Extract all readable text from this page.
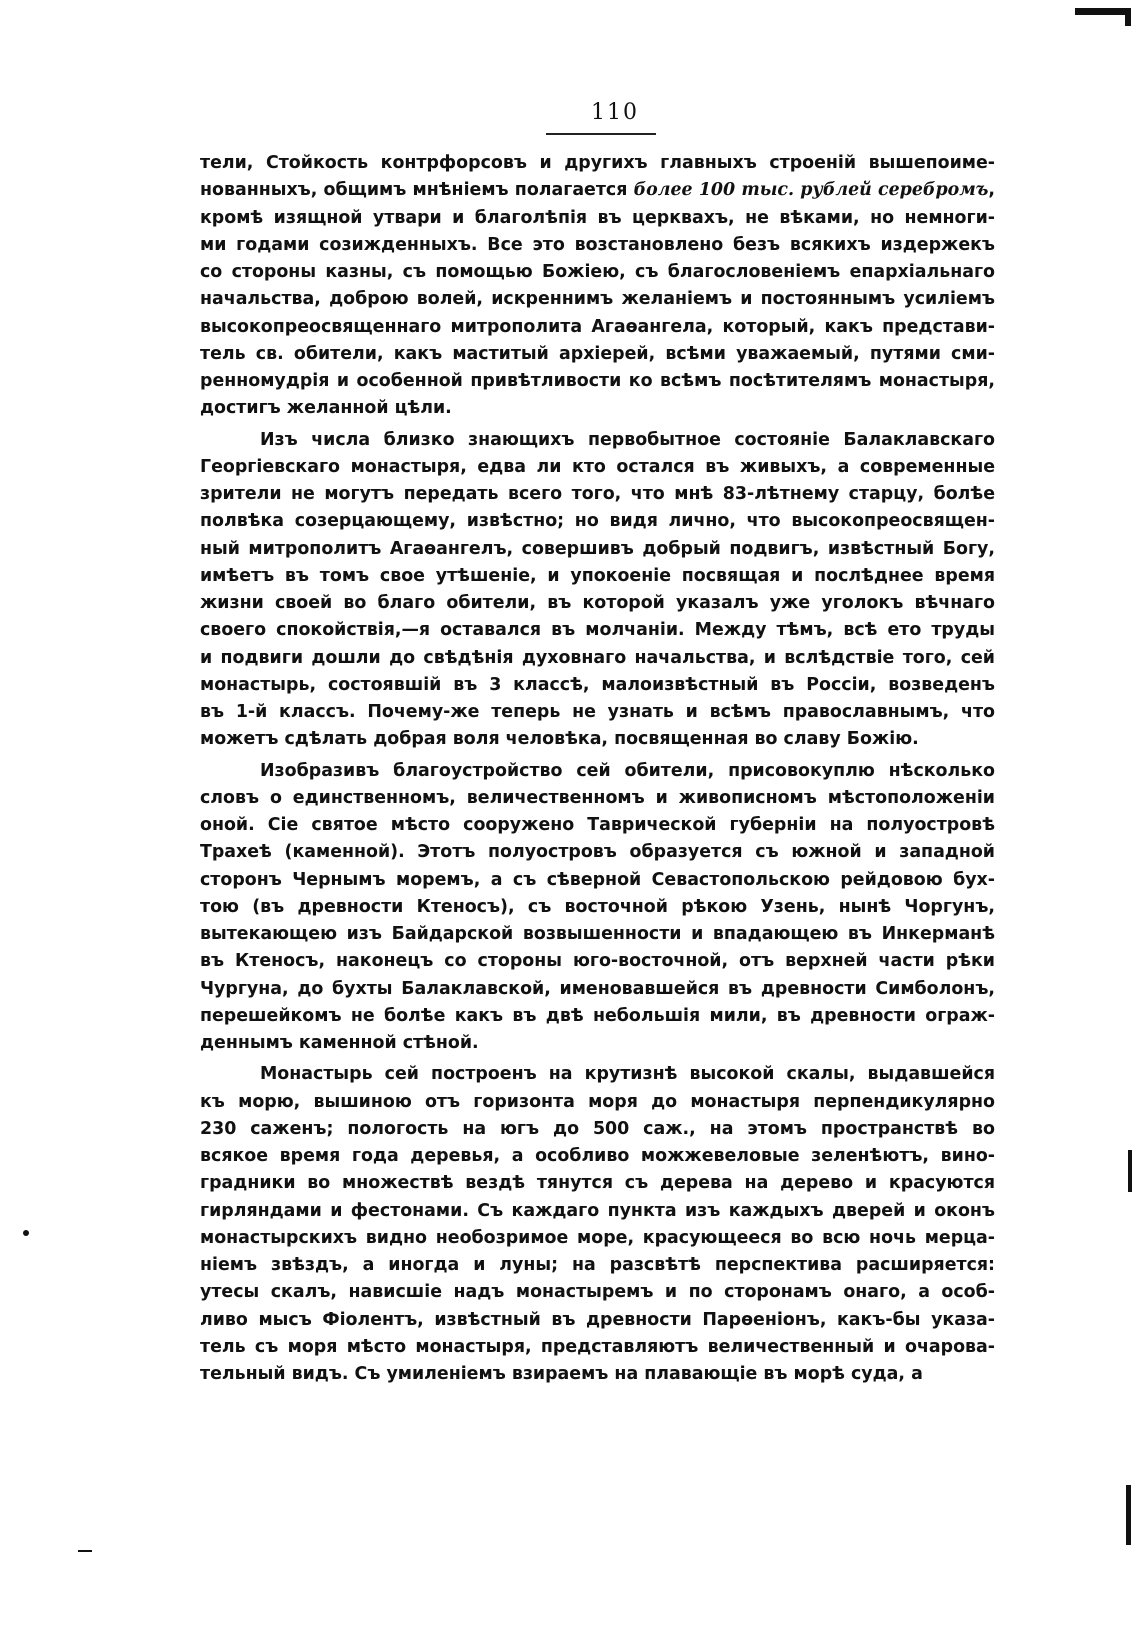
110
тели, Стойкость контрфорсовъ и другихъ главныхъ строеній вышепоиме-
нованныхъ, общимъ мнѣніемъ полагается более 100 тыс. рублей серебромъ,
кромѣ изящной утвари и благолѣпія въ церквахъ, не вѣками, но немноги-
ми годами созижденныхъ. Все это возстановлено безъ всякихъ издержекъ
со стороны казны, съ помощью Божіею, съ благословеніемъ епархіальнаго
начальства, доброю волей, искреннимъ желаніемъ и постояннымъ усиліемъ
высокопреосвященнаго митрополита Агаѳангела, который, какъ представи-
тель св. обители, какъ маститый архіерей, всѣми уважаемый, путями сми-
ренномудрія и особенной привѣтливости ко всѣмъ посѣтителямъ монастыря,
достигъ желанной цѣли.
Изъ числа близко знающихъ первобытное состояніе Балаклавскаго
Георгіевскаго монастыря, едва ли кто остался въ живыхъ, а современные
зрители не могутъ передать всего того, что мнѣ 83-лѣтнему старцу, болѣе
полвѣка созерцающему, извѣстно; но видя лично, что высокопреосвящен-
ный митрополитъ Агаѳангелъ, совершивъ добрый подвигъ, извѣстный Богу,
имѣетъ въ томъ свое утѣшеніе, и упокоеніе посвящая и послѣднее время
жизни своей во благо обители, въ которой указалъ уже уголокъ вѣчнаго
своего спокойствія,—я оставался въ молчаніи. Между тѣмъ, всѣ ето труды
и подвиги дошли до свѣдѣнія духовнаго начальства, и вслѣдствіе того, сей
монастырь, состоявшій въ 3 классѣ, малоизвѣстный въ Россіи, возведенъ
въ 1-й классъ. Почему-же теперь не узнать и всѣмъ православнымъ, что
можетъ сдѣлать добрая воля человѣка, посвященная во славу Божію.
Изобразивъ благоустройство сей обители, присовокуплю нѣсколько
словъ о единственномъ, величественномъ и живописномъ мѣстоположеніи
оной. Сіе святое мѣсто сооружено Таврической губерніи на полуостровѣ
Трахеѣ (каменной). Этотъ полуостровъ образуется съ южной и западной
сторонъ Чернымъ моремъ, а съ сѣверной Севастопольскою рейдовою бух-
тою (въ древности Ктеносъ), съ восточной рѣкою Узень, нынѣ Чоргунъ,
вытекающею изъ Байдарской возвышенности и впадающею въ Инкерманѣ
въ Ктеносъ, наконецъ со стороны юго-восточной, отъ верхней части рѣки
Чургуна, до бухты Балаклавской, именовавшейся въ древности Симболонъ,
перешейкомъ не болѣе какъ въ двѣ небольшія мили, въ древности oграж-
деннымъ каменной стѣной.
Монастырь сей построенъ на крутизнѣ высокой скалы, выдавшейся
къ морю, вышиною отъ горизонта моря до монастыря перпендикулярно
230 саженъ; пологость на югъ до 500 саж., на этомъ пространствѣ во
всякое время года деревья, а особливо можжевеловые зеленѣютъ, вино-
градники во множествѣ вездѣ тянутся съ дерева на дерево и красуются
гирляндами и фестонами. Съ каждаго пункта изъ каждыхъ дверей и оконъ
монастырскихъ видно необозримое море, красующееся во всю ночь мерца-
ніемъ звѣздъ, а иногда и луны; на разсвѣтѣ перспектива расширяется:
утесы скалъ, нависшіе надъ монастыремъ и по сторонамъ онаго, а особ-
ливо мысъ Фіолентъ, извѣстный въ древности Парѳеніонъ, какъ-бы указа-
тель съ моря мѣсто монастыря, представляютъ величественный и очарова-
тельный видъ. Съ умиленіемъ взираемъ на плавающіе въ морѣ суда, а
